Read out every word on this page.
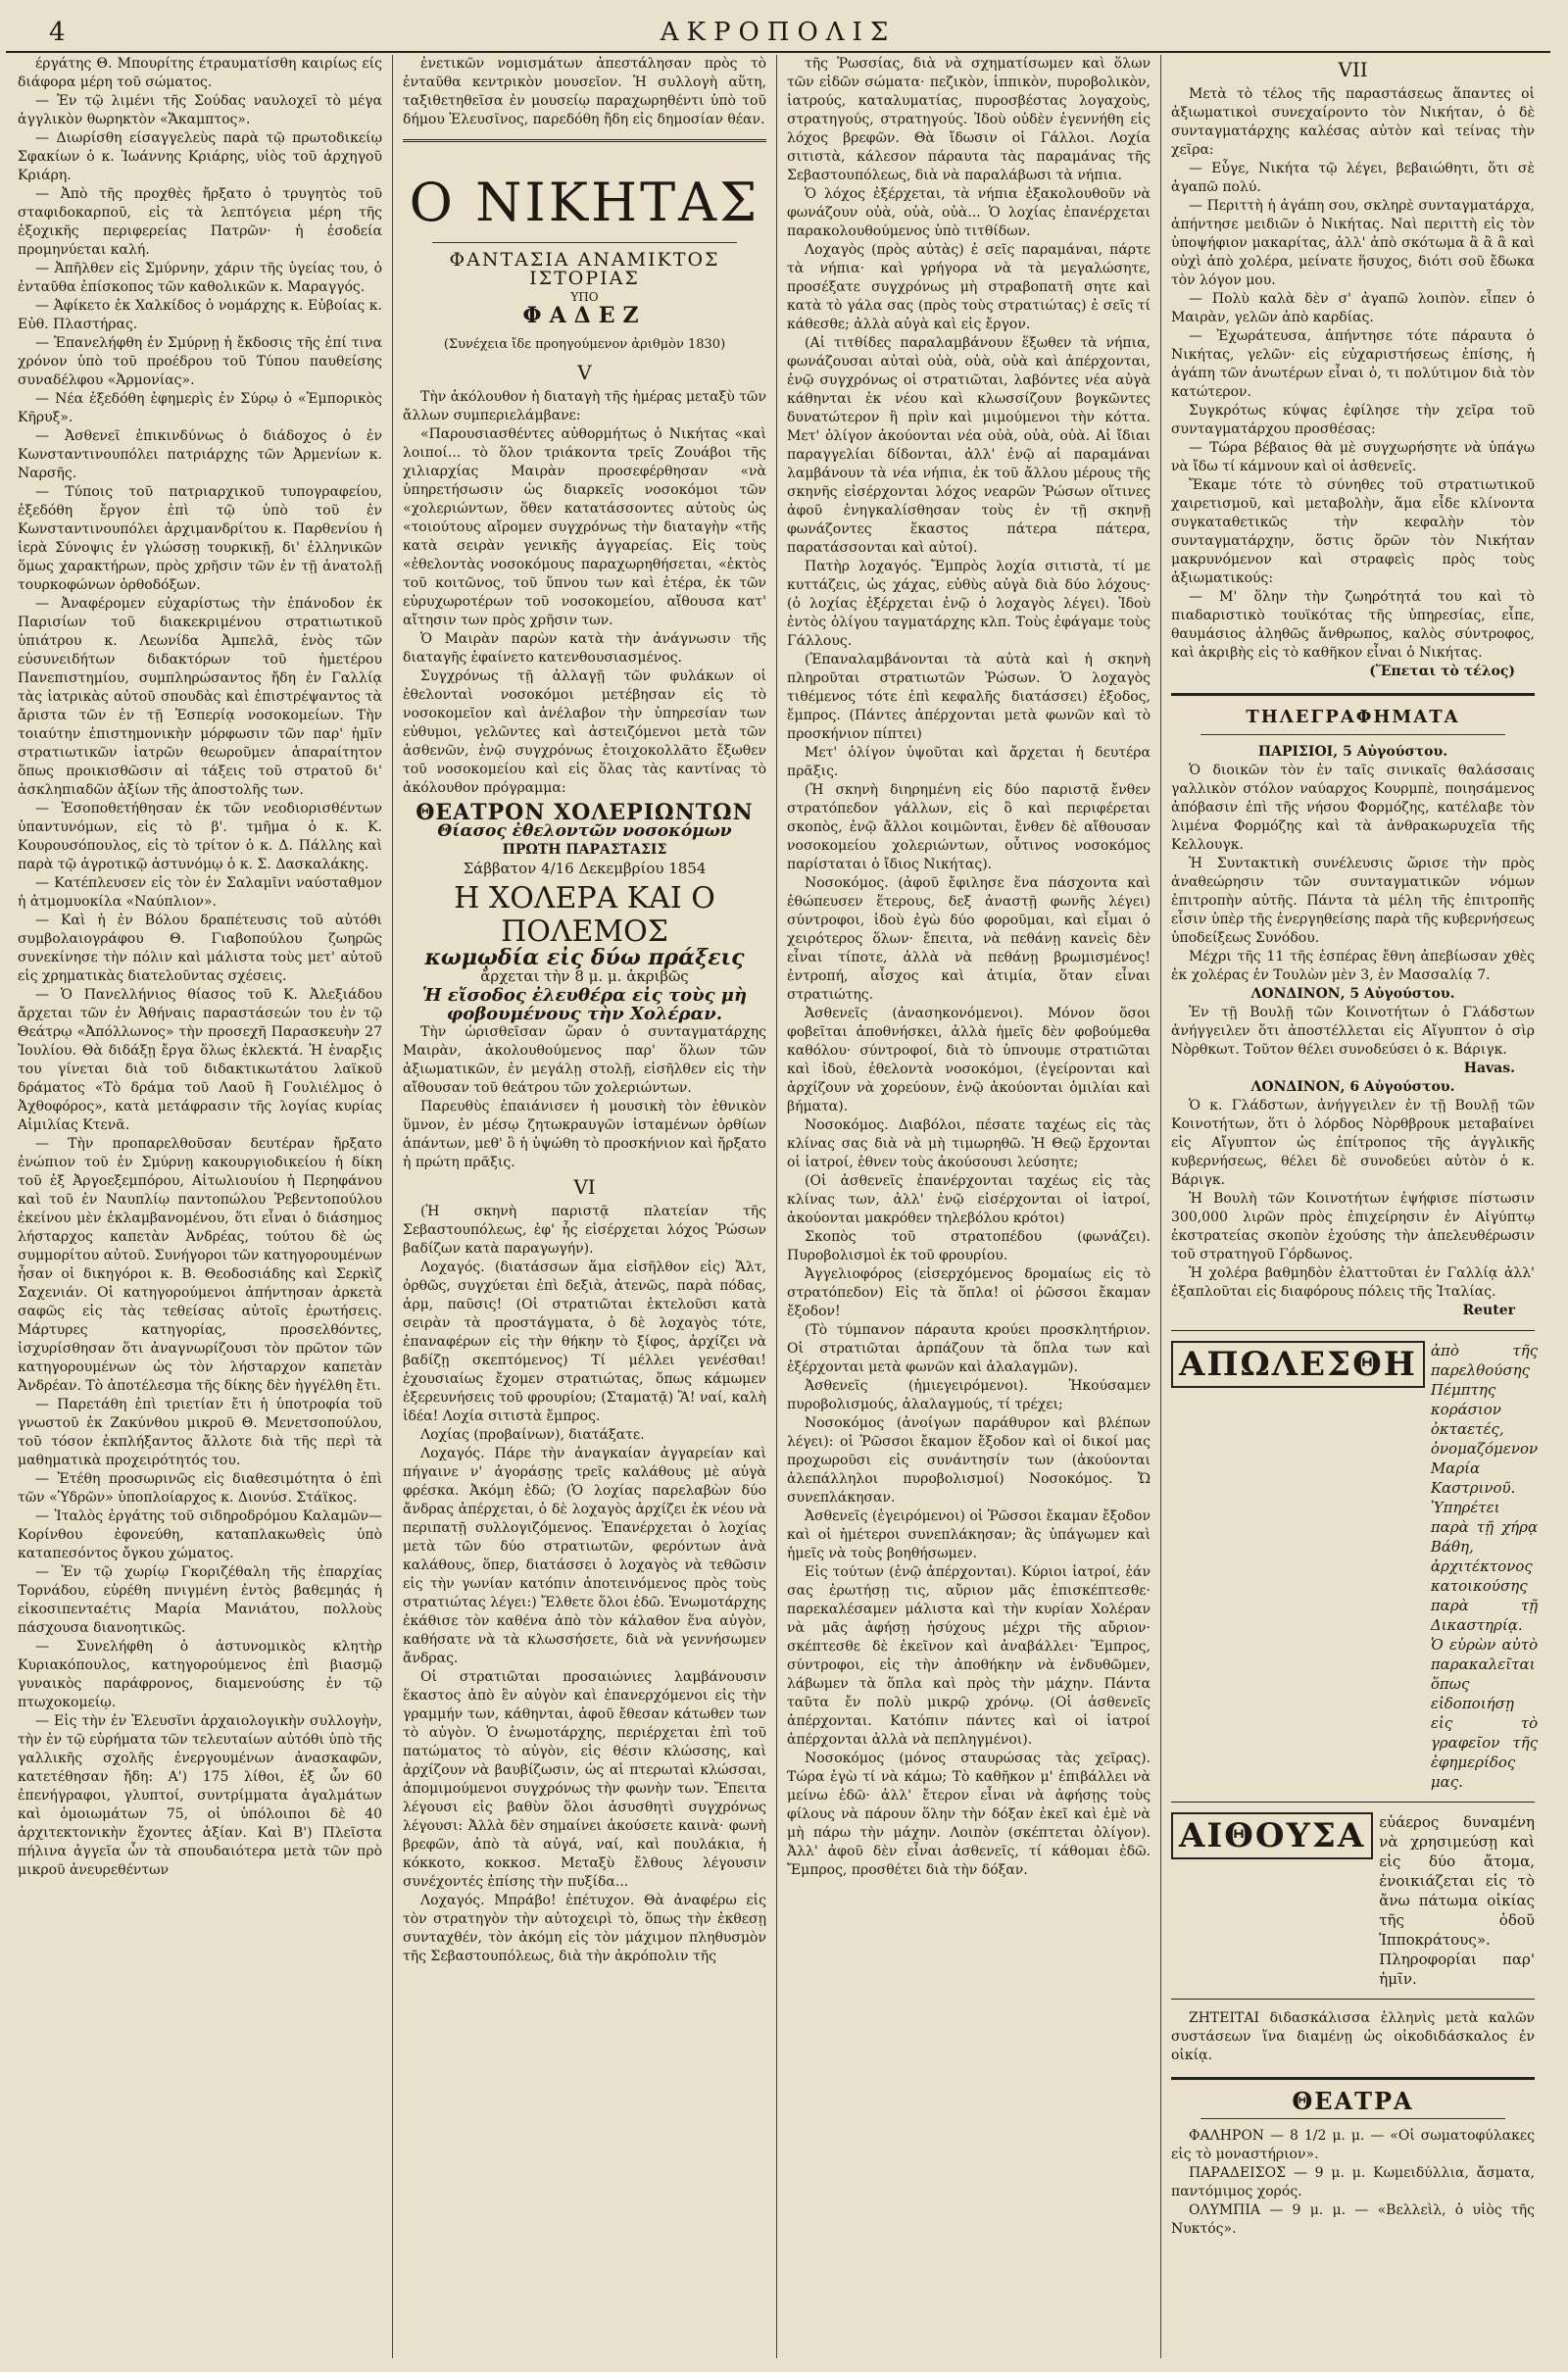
4	ΑΚΡΟΠΟΛΙΣ

έργάτης Θ. Μπουρίτης έτραυματίσθη καιρίως είς διάφορα μέρη τοῦ σώματος.

— Ἐν τῷ λιμένι τῆς Σούδας ναυλοχεῖ τὸ μέγα ἀγγλικὸν θωρηκτὸν «Ἄκαμπτος».

— Διωρίσθη είσαγγελεὺς παρὰ τῷ πρωτοδικείῳ Σφακίων ὁ κ. Ἰωάννης Κριάρης, υἱὸς τοῦ ἀρχηγοῦ Κριάρη.

— Ἀπὸ τῆς προχθὲς ἤρξατο ὁ τρυγητὸς τοῦ σταφιδοκαρποῦ, εἰς τὰ λεπτόγεια μέρη τῆς ἐξοχικῆς περιφερείας Πατρῶν· ἡ ἐσοδεία προμηνύεται καλή.

— Ἀπῆλθεν εἰς Σμύρνην, χάριν τῆς ὑγείας του, ὁ ἐνταῦθα ἐπίσκοπος τῶν καθολικῶν κ. Μαραγγός.

— Ἀφίκετο ἐκ Χαλκίδος ὁ νομάρχης κ. Εὐβοίας κ. Εὐθ. Πλαστήρας.

— Ἐπανελήφθη ἐν Σμύρνῃ ἡ ἔκδοσις τῆς ἐπί τινα χρόνον ὑπὸ τοῦ προέδρου τοῦ Τύπου παυθείσης συναδέλφου «Ἁρμονίας».

— Νέα ἐξεδόθη ἐφημερὶς ἐν Σύρῳ ὁ «Ἐμπορικὸς Κῆρυξ».

— Ἀσθενεῖ ἐπικινδύνως ὁ διάδοχος ὁ ἐν Κωνσταντινουπόλει πατριάρχης τῶν Ἀρμενίων κ. Ναρσῆς.

— Τύποις τοῦ πατριαρχικοῦ τυπογραφείου, ἐξεδόθη ἔργον ἐπὶ τῷ ὑπὸ τοῦ ἐν Κωνσταντινουπόλει ἀρχιμανδρίτου κ. Παρθενίου ἡ ἱερὰ Σύνοψις ἐν γλώσσῃ τουρκικῇ, δι' ἑλληνικῶν ὅμως χαρακτήρων, πρὸς χρῆσιν τῶν ἐν τῇ ἀνατολῇ τουρκοφώνων ὀρθοδόξων.

— Ἀναφέρομεν εὐχαρίστως τὴν ἐπάνοδον ἐκ Παρισίων τοῦ διακεκριμένου στρατιωτικοῦ ὑπιάτρου κ. Λεωνίδα Ἀμπελᾶ, ἑνὸς τῶν εὐσυνειδήτων διδακτόρων τοῦ ἡμετέρου Πανεπιστημίου, συμπληρώσαντος ἤδη ἐν Γαλλίᾳ τὰς ἰατρικὰς αὐτοῦ σπουδὰς καὶ ἐπιστρέψαντος τὰ ἄριστα τῶν ἐν τῇ Ἑσπερίᾳ νοσοκομείων. Τὴν τοιαύτην ἐπιστημονικὴν μόρφωσιν τῶν παρ' ἡμῖν στρατιωτικῶν ἰατρῶν θεωροῦμεν ἀπαραίτητον ὅπως προικισθῶσιν αἱ τάξεις τοῦ στρατοῦ δι' ἀσκληπιαδῶν ἀξίων τῆς ἀποστολῆς των.

— Ἐσοποθετήθησαν ἐκ τῶν νεοδιορισθέντων ὑπαντυνόμων, εἰς τὸ β'. τμῆμα ὁ κ. Κ. Κουρουσόπουλος, εἰς τὸ τρίτον ὁ κ. Δ. Πάλλης καὶ παρὰ τῷ ἀγροτικῷ ἀστυνόμῳ ὁ κ. Σ. Δασκαλάκης.

— Κατέπλευσεν εἰς τὸν ἐν Σαλαμῖνι ναύσταθμον ἡ ἀτμομυοκίλα «Ναύπλιον».

— Καὶ ἡ ἐν Βόλου δραπέτευσις τοῦ αὐτόθι συμβολαιογράφου Θ. Γιαβοπούλου ζωηρῶς συνεκίνησε τὴν πόλιν καὶ μάλιστα τοὺς μετ' αὐτοῦ εἰς χρηματικὰς διατελοῦντας σχέσεις.

— Ὁ Πανελλήνιος θίασος τοῦ Κ. Ἀλεξιάδου ἄρχεται τῶν ἐν Ἀθήναις παραστάσεών του ἐν τῷ Θεάτρῳ «Ἀπόλλωνος» τὴν προσεχῆ Παρασκευὴν 27 Ἰουλίου. Θὰ διδάξῃ ἔργα ὅλως ἐκλεκτά. Ἡ ἐναρξις του γίνεται διὰ τοῦ διδακτικωτάτου λαϊκοῦ δράματος «Τὸ δράμα τοῦ Λαοῦ ἢ Γουλιέλμος ὁ Ἀχθοφόρος», κατὰ μετάφρασιν τῆς λογίας κυρίας Αἰμιλίας Κτενᾶ.

— Τὴν προπαρελθοῦσαν δευτέραν ἤρξατο ἐνώπιον τοῦ ἐν Σμύρνῃ κακουργιοδικείου ἡ δίκη τοῦ ἐξ Ἀργοεξεμπόρου, Αἰτωλιουίου ἡ Περηφάνου καὶ τοῦ ἐν Ναυπλίῳ παντοπώλου Ῥεβεντοπούλου ἐκείνου μὲν ἐκλαμβανομένου, ὅτι εἶναι ὁ διάσημος λήσταρχος καπετὰν Ἀνδρέας, τούτου δὲ ὡς συμμορίτου αὐτοῦ. Συνήγοροι τῶν κατηγορουμένων ἦσαν οἱ δικηγόροι κ. Β. Θεοδοσιάδης καὶ Σερκὶζ Σαχενιάν. Οἱ κατηγορούμενοι ἀπήντησαν ἀρκετὰ σαφῶς εἰς τὰς τεθείσας αὐτοῖς ἐρωτήσεις. Μάρτυρες κατηγορίας, προσελθόντες, ἰσχυρίσθησαν ὅτι ἀναγνωρίζουσι τὸν πρῶτον τῶν κατηγορουμένων ὡς τὸν λήσταρχον καπετὰν Ἀνδρέαν. Τὸ ἀποτέλεσμα τῆς δίκης δὲν ἠγγέλθη ἔτι.

— Παρετάθη ἐπὶ τριετίαν ἔτι ἡ ὑποτροφία τοῦ γνωστοῦ ἐκ Ζακύνθου μικροῦ Θ. Μενετσοπούλου, τοῦ τόσον ἐκπλήξαντος ἄλλοτε διὰ τῆς περὶ τὰ μαθηματικὰ προχειρότητός του.

— Ἐτέθη προσωρινῶς εἰς διαθεσιμότητα ὁ ἐπὶ τῶν «Ὑδρῶν» ὑποπλοίαρχος κ. Διονύσ. Στάϊκος.

— Ἰταλὸς ἐργάτης τοῦ σιδηροδρόμου Καλαμῶν—Κορίνθου ἐφονεύθη, καταπλακωθεὶς ὑπὸ καταπεσόντος ὄγκου χώματος.

— Ἐν τῷ χωρίῳ Γκοριζέθαλη τῆς ἐπαρχίας Τορνάδου, εὑρέθη πνιγμένη ἐντὸς βαθεμηάς ἡ εἰκοσιπενταέτις Μαρία Μανιάτου, πολλοὺς πάσχουσα διανοητικῶς.

— Συνελήφθη ὁ ἀστυνομικὸς κλητὴρ Κυριακόπουλος, κατηγορούμενος ἐπὶ βιασμῷ γυναικὸς παράφρονος, διαμενούσης ἐν τῷ πτωχοκομείῳ.

— Εἰς τὴν ἐν Ἐλευσῖνι ἀρχαιολογικὴν συλλογὴν, τὴν ἐν τῷ εὑρήματα τῶν τελευταίων αὐτόθι ὑπὸ τῆς γαλλικῆς σχολῆς ἐνεργουμένων ἀνασκαφῶν, κατετέθησαν ἤδη: Α') 175 λίθοι, ἐξ ὧν 60 ἐπενήγραφοι, γλυπτοί, συντρίμματα ἀγαλμάτων καὶ ὁμοιωμάτων 75, οἱ ὑπόλοιποι δὲ 40 ἀρχιτεκτονικὴν ἔχοντες ἀξίαν. Καὶ Β') Πλεῖστα πήλινα ἀγγεῖα ὧν τὰ σπουδαιότερα μετὰ τῶν πρὸ μικροῦ ἀνευρεθέντων

ἐνετικῶν νομισμάτων ἀπεστάλησαν πρὸς τὸ ἐνταῦθα κεντρικὸν μουσεῖον. Ἡ συλλογὴ αὕτη, ταξιθετηθεῖσα ἐν μουσείῳ παραχωρηθέντι ὑπὸ τοῦ δήμου Ἐλευσῖνος, παρεδόθη ἤδη εἰς δημοσίαν θέαν.

Ο ΝΙΚΗΤΑΣ
ΦΑΝΤΑΣΙΑ ΑΝΑΜΙΚΤΟΣ ΙΣΤΟΡΙΑΣ
ΥΠΟ
ΦΑΔΕΖ
(Συνέχεια ἴδε προηγούμενον ἀριθμὸν 1830)
V

Τὴν ἀκόλουθον ἡ διαταγὴ τῆς ἡμέρας μεταξὺ τῶν ἄλλων συμπεριελάμβανε:

«Παρουσιασθέντες αὐθορμήτως ὁ Νικήτας «καὶ λοιποί... τὸ ὅλον τριάκοντα τρεῖς Ζουάβοι τῆς χιλιαρχίας Μαιρὰν προσεφέρθησαν «νὰ ὑπηρετήσωσιν ὡς διαρκεῖς νοσοκόμοι τῶν «χολεριώντων, ὅθεν κατατάσσοντες αὐτοὺς ὡς «τοιούτους αἴρομεν συγχρόνως τὴν διαταγὴν «τῆς κατὰ σειρὰν γενικῆς ἀγγαρείας. Εἰς τοὺς «ἐθελοντὰς νοσοκόμους παραχωρηθήσεται, «ἐκτὸς τοῦ κοιτῶνος, τοῦ ὕπνου των καὶ ἑτέρα, ἐκ τῶν εὐρυχωροτέρων τοῦ νοσοκομείου, αἴθουσα κατ' αἴτησιν των πρὸς χρῆσιν των.

Ὁ Μαιρὰν παρὼν κατὰ τὴν ἀνάγνωσιν τῆς διαταγῆς ἐφαίνετο κατενθουσιασμένος.

Συγχρόνως τῇ ἀλλαγῇ τῶν φυλάκων οἱ ἐθελονταὶ νοσοκόμοι μετέβησαν εἰς τὸ νοσοκομεῖον καὶ ἀνέλαβον τὴν ὑπηρεσίαν των εὐθυμοι, γελῶντες καὶ ἀστειζόμενοι μετὰ τῶν ἀσθενῶν, ἐνῷ συγχρόνως ἐτοιχοκολλᾶτο ἔξωθεν τοῦ νοσοκομείου καὶ εἰς ὅλας τὰς καντίνας τὸ ἀκόλουθον πρόγραμμα:

ΘΕΑΤΡΟΝ ΧΟΛΕΡΙΩΝΤΩΝ
Θίασος ἐθελοντῶν νοσοκόμων
ΠΡΩΤΗ ΠΑΡΑΣΤΑΣΙΣ
Σάββατον 4/16 Δεκεμβρίου 1854
Η ΧΟΛΕΡΑ ΚΑΙ Ο ΠΟΛΕΜΟΣ
κωμῳδία εἰς δύω πράξεις
ἄρχεται τὴν 8 μ. μ. ἀκριβῶς
Ἡ εἴσοδος ἐλευθέρα εἰς τοὺς μὴ φοβουμένους τὴν Χολέραν.

Τὴν ὡρισθεῖσαν ὥραν ὁ συνταγματάρχης Μαιρὰν, ἀκολουθούμενος παρ' ὅλων τῶν ἀξιωματικῶν, ἐν μεγάλῃ στολῇ, εἰσῆλθεν εἰς τὴν αἴθουσαν τοῦ θεάτρου τῶν χολεριώντων.

Παρευθὺς ἐπαιάνισεν ἡ μουσικὴ τὸν ἐθνικὸν ὕμνον, ἐν μέσῳ ζητωκραυγῶν ἰσταμένων ὀρθίων ἁπάντων, μεθ' ὃ ἡ ὑψώθη τὸ προσκήνιον καὶ ἤρξατο ἡ πρώτη πρᾶξις.

VI

(Ἡ σκηνὴ παριστᾷ πλατείαν τῆς Σεβαστουπόλεως, ἐφ' ἧς εἰσέρχεται λόχος Ῥώσων βαδίζων κατὰ παραγωγήν).

Λοχαγός. (διατάσσων ἅμα εἰσῆλθον εἰς) Ἄλτ, ὀρθῶς, συγχύεται ἐπὶ δεξιὰ, ἀτενῶς, παρὰ πόδας, ἀρμ, παῦσις! (Οἱ στρατιῶται ἐκτελοῦσι κατὰ σειρὰν τὰ προστάγματα, ὁ δὲ λοχαγὸς τότε, ἐπαναφέρων εἰς τὴν θήκην τὸ ξίφος, ἀρχίζει νὰ βαδίζῃ σκεπτόμενος) Τί μέλλει γενέσθαι! ἐχουσιαίως ἔχομεν στρατιώτας, ὅπως κάμωμεν ἐξερευνήσεις τοῦ φρουρίου; (Σταματᾷ) Ἂ! ναί, καλὴ ἰδέα! Λοχία σιτιστὰ ἔμπρος.

Λοχίας (προβαίνων), διατάξατε.

Λοχαγός. Πάρε τὴν ἀναγκαίαν ἀγγαρείαν καὶ πήγαινε ν' ἀγοράσῃς τρεῖς καλάθους μὲ αὐγὰ φρέσκα. Ἀκόμη ἐδῶ; (Ὁ λοχίας παρελαβὼν δύο ἄνδρας ἀπέρχεται, ὁ δὲ λοχαγὸς ἀρχίζει ἐκ νέου νὰ περιπατῇ συλλογιζόμενος. Ἐπανέρχεται ὁ λοχίας μετὰ τῶν δύο στρατιωτῶν, φερόντων ἀνὰ καλάθους, ὅπερ, διατάσσει ὁ λοχαγὸς νὰ τεθῶσιν εἰς τὴν γωνίαν κατόπιν ἀποτεινόμενος πρὸς τοὺς στρατιώτας λέγει:) Ἔλθετε ὅλοι ἐδῶ. Ἑνωμοτάρχης ἐκάθισε τὸν καθένα ἀπὸ τὸν κάλαθον ἕνα αὐγὸν, καθήσατε νὰ τὰ κλωσσήσετε, διὰ νὰ γεννήσωμεν ἄνδρας.

Οἱ στρατιῶται προσαιώνιες λαμβάνουσιν ἕκαστος ἀπὸ ἓν αὐγὸν καὶ ἐπανερχόμενοι εἰς τὴν γραμμήν των, κάθηνται, ἀφοῦ ἔθεσαν κάτωθεν των τὸ αὐγὸν. Ὁ ἑνωμοτάρχης, περιέρχεται ἐπὶ τοῦ πατώματος τὸ αὐγὸν, εἰς θέσιν κλώσσης, καὶ ἀρχίζουν νὰ βαυβίζωσιν, ὡς αἱ πτερωταὶ κλώσσαι, ἀπομιμούμενοι συγχρόνως τὴν φωνὴν των. Ἔπειτα λέγουσι εἰς βαθὺν ὅλοι ἀσυσθητὶ συγχρόνως λέγουσι: Ἀλλὰ δὲν σημαίνει ἀκούσετε καινὰ· φωνὴ βρεφῶν, ἀπὸ τὰ αὐγά, ναί, καὶ πουλάκια, ἡ κόκκοτο, κοκκοσ. Μεταξὺ ἔλθους λέγουσιν συνέχοντές ἐπίσης τὴν πυξίδα...

Λοχαγός. Μπράβο! ἐπέτυχον. Θὰ ἀναφέρω εἰς τὸν στρατηγὸν τὴν αὐτοχειρὶ τὸ, ὅπως τὴν ἐκθεσῃ συνταχθέν, τὸν ἀκόμη εἰς τὸν μάχιμον πληθυσμὸν τῆς Σεβαστουπόλεως, διὰ τὴν ἀκρόπολιν τῆς

τῆς Ῥωσσίας, διὰ νὰ σχηματίσωμεν καὶ ὅλων τῶν εἰδῶν σώματα· πεζικὸν, ἱππικὸν, πυροβολικὸν, ἰατρούς, καταλυματίας, πυροσβέστας λογαχοὺς, στρατηγούς, στρατηγούς. Ἰδοὺ οὐδὲν ἐγεννήθη εἰς λόχος βρεφῶν. Θὰ ἴδωσιν οἱ Γάλλοι. Λοχία σιτιστὰ, κάλεσον πάραυτα τὰς παραμάνας τῆς Σεβαστουπόλεως, διὰ νὰ παραλάβωσι τὰ νήπια.

Ὁ λόχος ἐξέρχεται, τὰ νήπια ἐξακολουθοῦν νὰ φωνάζουν οὐὰ, οὐὰ, οὐὰ... Ὁ λοχίας ἐπανέρχεται παρακολουθούμενος ὑπὸ τιτθίδων.

Λοχαγὸς (πρὸς αὐτὰς) ἐ σεῖς παραμάναι, πάρτε τὰ νήπια· καὶ γρήγορα νὰ τὰ μεγαλώσητε, προσέξατε συγχρόνως μὴ στραβοπατῆ σητε καὶ κατὰ τὸ γάλα σας (πρὸς τοὺς στρατιώτας) ἐ σεῖς τί κάθεσθε; ἀλλὰ αὐγὰ καὶ εἰς ἔργον.

(Αἱ τιτθίδες παραλαμβάνουν ἕξωθεν τὰ νήπια, φωνάζουσαι αὐταὶ οὐὰ, οὐὰ, οὐὰ καὶ ἀπέρχονται, ἐνῷ συγχρόνως οἱ στρατιῶται, λαβόντες νέα αὐγὰ κάθηνται ἐκ νέου καὶ κλωσσίζουν βογκῶντες δυνατώτερον ἢ πρὶν καὶ μιμούμενοι τὴν κόττα. Μετ' ὀλίγον ἀκούονται νέα οὐὰ, οὐὰ, οὐὰ. Αἱ ἴδιαι παραγγελίαι δίδονται, ἀλλ' ἐνῷ αἱ παραμάναι λαμβάνουν τὰ νέα νήπια, ἐκ τοῦ ἄλλου μέρους τῆς σκηνῆς εἰσέρχονται λόχος νεαρῶν Ῥώσων οἵτινες ἀφοῦ ἐνηγκαλίσθησαν τοὺς ἐν τῇ σκηνῇ φωνάζοντες ἕκαστος πάτερα πάτερα, παρατάσσονται καὶ αὐτοί).

Πατὴρ λοχαγός. Ἔμπρὸς λοχία σιτιστὰ, τί με κυττάζεις, ὡς χάχας, εὐθὺς αὐγὰ διὰ δύο λόχους· (ὁ λοχίας ἐξέρχεται ἐνῷ ὁ λοχαγὸς λέγει). Ἰδοὺ ἐντὸς ὀλίγου ταγματάρχης κλπ. Τοὺς ἐφάγαμε τοὺς Γάλλους.

(Ἐπαναλαμβάνονται τὰ αὐτὰ καὶ ἡ σκηνὴ πληροῦται στρατιωτῶν Ῥώσων. Ὁ λοχαγὸς τιθέμενος τότε ἐπὶ κεφαλῆς διατάσσει) ἐξοδος, ἔμπρος. (Πάντες ἀπέρχονται μετὰ φωνῶν καὶ τὸ προσκήνιον πίπτει)

Μετ' ὀλίγον ὑψοῦται καὶ ἄρχεται ἡ δευτέρα πρᾶξις.

(Ἡ σκηνὴ διηρημένη εἰς δύο παριστᾷ ἔνθεν στρατόπεδον γάλλων, εἰς ὃ καὶ περιφέρεται σκοπὸς, ἐνῷ ἄλλοι κοιμῶνται, ἔνθεν δὲ αἴθουσαν νοσοκομείου χολεριώντων, οὗτινος νοσοκόμος παρίσταται ὁ ἴδιος Νικήτας).

Νοσοκόμος. (ἀφοῦ ἔφιλησε ἕνα πάσχοντα καὶ ἐθώπευσεν ἕτερους, δεξ ἀναστῇ φωνῆς λέγει) σύντροφοι, ἰδοὺ ἐγὼ δύο φοροῦμαι, καὶ εἶμαι ὁ χειρότερος ὅλων· ἔπειτα, νὰ πεθάνῃ κανεὶς δὲν εἶναι τίποτε, ἀλλὰ νὰ πεθάνῃ βρωμισμένος! ἐντροπή, αἶσχος καὶ ἀτιμία, ὅταν εἶναι στρατιώτης.

Ἀσθενεῖς (ἀνασηκονόμενοι). Μόνον ὅσοι φοβεῖται ἀποθνήσκει, ἀλλὰ ἡμεῖς δὲν φοβούμεθα καθόλου· σύντροφοί, διὰ τὸ ὑπνουμε στρατιῶται καὶ ἰδοὺ, ἐθελοντὰ νοσοκόμοι, (ἐγείρονται καὶ ἀρχίζουν νὰ χορεύουν, ἐνῷ ἀκούονται ὁμιλίαι καὶ βήματα).

Νοσοκόμος. Διαβόλοι, πέσατε ταχέως εἰς τὰς κλίνας σας διὰ νὰ μὴ τιμωρηθῶ. Ἡ Θεῷ ἔρχονται οἱ ἰατροί, ἐθνεν τοὺς ἀκούσουσι λεύσητε;

(Οἱ ἀσθενεῖς ἐπανέρχονται ταχέως εἰς τὰς κλίνας των, ἀλλ' ἐνῷ εἰσέρχονται οἱ ἰατροί, ἀκούονται μακρόθεν τηλεβόλου κρότοι)

Σκοπὸς τοῦ στρατοπέδου (φωνάζει). Πυροβολισμοὶ ἐκ τοῦ φρουρίου.

Ἀγγελιοφόρος (εἰσερχόμενος δρομαίως εἰς τὸ στρατόπεδον) Εἰς τὰ ὅπλα! οἱ ῥῶσσοι ἔκαμαν ἔξοδον!

(Τὸ τύμπανον πάραυτα κρούει προσκλητήριον. Οἱ στρατιῶται ἁρπάζουν τὰ ὅπλα των καὶ ἐξέρχονται μετὰ φωνῶν καὶ ἀλαλαγμῶν).

Ἀσθενεῖς (ἡμιεγειρόμενοι). Ἠκούσαμεν πυροβολισμούς, ἀλαλαγμούς, τί τρέχει;

Νοσοκόμος (ἀνοίγων παράθυρον καὶ βλέπων λέγει): οἱ Ῥῶσσοι ἔκαμον ἔξοδον καὶ οἱ δικοί μας προχωροῦσι εἰς συνάντησίν των (ἀκούονται ἀλεπάλληλοι πυροβολισμοί) Νοσοκόμος. Ὤ συνεπλάκησαν.

Ἀσθενεῖς (ἐγειρόμενοι) οἱ Ῥῶσσοι ἔκαμαν ἔξοδον καὶ οἱ ἡμέτεροι συνεπλάκησαν; ἂς ὑπάγωμεν καὶ ἡμεῖς νὰ τοὺς βοηθήσωμεν.

Εἰς τούτων (ἐνῷ ἀπέρχονται). Κύριοι ἰατροί, ἐάν σας ἐρωτήσῃ τις, αὔριον μᾶς ἐπισκέπτεσθε· παρεκαλέσαμεν μάλιστα καὶ τὴν κυρίαν Χολέραν νὰ μᾶς ἀφήσῃ ἡσύχους μέχρι τῆς αὔριον· σκέπτεσθε δὲ ἐκεῖνον καὶ ἀναβάλλει· Ἔμπρος, σύντροφοι, εἰς τὴν ἀποθήκην νὰ ἐνδυθῶμεν, λάβωμεν τὰ ὅπλα καὶ πρὸς τὴν μάχην. Πάντα ταῦτα ἔν πολὺ μικρῷ χρόνῳ. (Οἱ ἀσθενεῖς ἀπέρχονται. Κατόπιν πάντες καὶ οἱ ἰατροί ἀπέρχονται ἀλλὰ νὰ πεπληγμένοι).

Νοσοκόμος (μόνος σταυρώσας τὰς χεῖρας). Τώρα ἐγὼ τί νὰ κάμω; Τὸ καθῆκον μ' ἐπιβάλλει νὰ μείνω ἐδῶ· ἀλλ' ἔτερον εἶναι νὰ ἀφήσῃς τοὺς φίλους νὰ πάρουν ὅλην τὴν δόξαν ἐκεῖ καὶ ἐμὲ νὰ μὴ πάρω τὴν μάχην. Λοιπὸν (σκέπτεται ὀλίγον). Ἀλλ' ἀφοῦ δὲν εἶναι ἀσθενεῖς, τί κάθομαι ἐδῶ. Ἔμπρος, προσθέτει διὰ τὴν δόξαν.

VII

Μετὰ τὸ τέλος τῆς παραστάσεως ἅπαντες οἱ ἀξιωματικοὶ συνεχαίροντο τὸν Νικήταν, ὁ δὲ συνταγματάρχης καλέσας αὐτὸν καὶ τείνας τὴν χεῖρα:

— Εὖγε, Νικήτα τῷ λέγει, βεβαιώθητι, ὅτι σὲ ἀγαπῶ πολύ.

— Περιττὴ ἡ ἀγάπη σου, σκληρὲ συνταγματάρχα, ἀπήντησε μειδιῶν ὁ Νικήτας. Ναὶ περιττὴ εἰς τὸν ὑποψήφιον μακαρίτας, ἀλλ' ἀπὸ σκότωμα ἂ ἂ ἂ καὶ οὐχὶ ἀπὸ χολέρα, μείνατε ἥσυχος, διότι σοῦ ἔδωκα τὸν λόγον μου.

— Πολὺ καλὰ δὲν σ' ἀγαπῶ λοιπὸν. εἶπεν ὁ Μαιρὰν, γελῶν ἀπὸ καρδίας.

— Ἐχωράτευσα, ἀπήντησε τότε πάραυτα ὁ Νικήτας, γελῶν· εἰς εὐχαριστήσεως ἐπίσης, ἡ ἀγάπη τῶν ἀνωτέρων εἶναι ὁ, τι πολύτιμον διὰ τὸν κατώτερον.

Συγκρότως κύψας ἐφίλησε τὴν χεῖρα τοῦ συνταγματάρχου προσθέσας:

— Τώρα βέβαιος θὰ μὲ συγχωρήσητε νὰ ὑπάγω νὰ ἴδω τί κάμνουν καὶ οἱ ἀσθενεῖς.

Ἔκαμε τότε τὸ σύνηθες τοῦ στρατιωτικοῦ χαιρετισμοῦ, καὶ μεταβολὴν, ἅμα εἶδε κλίνοντα συγκαταθετικῶς τὴν κεφαλὴν τὸν συνταγματάρχην, ὅστις ὅρῶν τὸν Νικήταν μακρυνόμενον καὶ στραφεὶς πρὸς τοὺς ἀξιωματικούς:

— Μ' ὅλην τὴν ζωηρότητά του καὶ τὸ πιαδαριστικὸ τουϊκότας τῆς ὑπηρεσίας, εἶπε, θαυμάσιος ἀληθῶς ἄνθρωπος, καλὸς σύντροφος, καὶ ἀκριβὴς εἰς τὸ καθῆκον εἶναι ὁ Νικήτας.

(Ἕπεται τὸ τέλος)

ΤΗΛΕΓΡΑΦΗΜΑΤΑ

ΠΑΡΙΣΙΟΙ, 5 Αὐγούστου.

Ὁ διοικῶν τὸν ἐν ταῖς σινικαῖς θαλάσσαις γαλλικὸν στόλον ναύαρχος Κουρμπὲ, ποιησάμενος ἀπόβασιν ἐπὶ τῆς νήσου Φορμόζης, κατέλαβε τὸν λιμένα Φορμόζης καὶ τὰ ἀνθρακωρυχεῖα τῆς Κελλουγκ.

Ἡ Συντακτικὴ συνέλευσις ὥρισε τὴν πρὸς ἀναθεώρησιν τῶν συνταγματικῶν νόμων ἐπιτροπὴν αὐτῆς. Πάντα τὰ μέλη τῆς ἐπιτροπῆς εἶσιν ὑπὲρ τῆς ἐνεργηθείσης παρὰ τῆς κυβερνήσεως ὑποδείξεως Συνόδου.

Μέχρι τῆς 11 τῆς ἑσπέρας ἔθνη ἀπεβίωσαν χθὲς ἐκ χολέρας ἐν Τουλὼν μὲν 3, ἐν Μασσαλίᾳ 7.

ΛΟΝΔΙΝΟΝ, 5 Αὐγούστου.

Ἐν τῇ Βουλῇ τῶν Κοινοτήτων ὁ Γλάδστων ἀνήγγειλεν ὅτι ἀποστέλλεται εἰς Αἴγυπτον ὁ σὶρ Νὸρθκωτ. Τοῦτον θέλει συνοδεύσει ὁ κ. Βάριγκ.

Havas.

ΛΟΝΔΙΝΟΝ, 6 Αὐγούστου.

Ὁ κ. Γλάδστων, ἀνήγγειλεν ἐν τῇ Βουλῇ τῶν Κοινοτήτων, ὅτι ὁ λόρδος Νὸρθβρουκ μεταβαίνει εἰς Αἴγυπτον ὡς ἐπίτροπος τῆς ἀγγλικῆς κυβερνήσεως, θέλει δὲ συνοδεύει αὐτὸν ὁ κ. Βάριγκ.

Ἡ Βουλὴ τῶν Κοινοτήτων ἐψήφισε πίστωσιν 300,000 λιρῶν πρὸς ἐπιχείρησιν ἐν Αἰγύπτῳ ἐκστρατείας σκοπὸν ἐχούσης τὴν ἀπελευθέρωσιν τοῦ στρατηγοῦ Γόρδωνος.

Ἡ χολέρα βαθμηδὸν ἐλαττοῦται ἐν Γαλλίᾳ ἀλλ' ἐξαπλοῦται εἰς διαφόρους πόλεις τῆς Ἰταλίας.

Reuter

ΑΠΩΛΕΣΘΗ ἀπὸ τῆς παρελθούσης Πέμπτης κοράσιον ὀκταετές, ὀνομαζόμενον Μαρία Καστρινοῦ. Ὑπηρέτει παρὰ τῇ χήρᾳ Βάθη, ἀρχιτέκτονος κατοικούσης παρὰ τῇ Δικαστηρίᾳ. Ὁ εὑρὼν αὐτὸ παρακαλεῖται ὅπως εἰδοποιήσῃ εἰς τὸ γραφεῖον τῆς ἐφημερίδος μας.
ΑΙΘΟΥΣΑ εὐάερος δυναμένη νὰ χρησιμεύσῃ καὶ εἰς δύο ἄτομα, ἐνοικιάζεται εἰς τὸ ἄνω πάτωμα οἰκίας τῆς ὁδοῦ Ἱπποκράτους». Πληροφορίαι παρ' ἡμῖν.

ΖΗΤΕΙΤΑΙ διδασκάλισσα ἑλληνὶς μετὰ καλῶν συστάσεων ἵνα διαμένῃ ὡς οἰκοδιδάσκαλος ἐν οἰκίᾳ.

ΘΕΑΤΡΑ

ΦΑΛΗΡΟΝ — 8 1/2 μ. μ. — «Οἱ σωματοφύλακες εἰς τὸ μοναστήριον».

ΠΑΡΑΔΕΙΣΟΣ — 9 μ. μ. Κωμειδύλλια, ἄσματα, παντόμιμος χορός.

ΟΛΥΜΠΙΑ — 9 μ. μ. — «Βελλεὶλ, ὁ υἱὸς τῆς Νυκτός».
